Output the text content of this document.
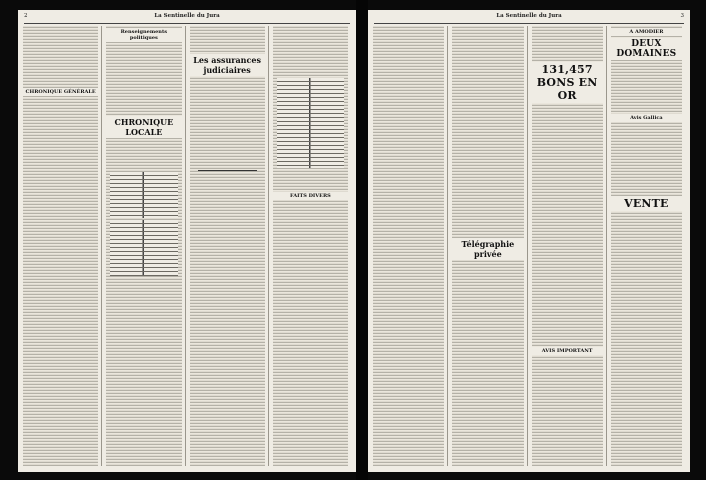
2	La Sentinelle du Jura
CHRONIQUE GÉNÉRALE
Renseignements politiques
CHRONIQUE LOCALE
Les assurances judiciaires
FAITS DIVERS
La Sentinelle du Jura	3
Télégraphie privée
131,457 BONS EN OR
AVIS IMPORTANT
A AMODIER
DEUX DOMAINES
Avis Gallica
VENTE
